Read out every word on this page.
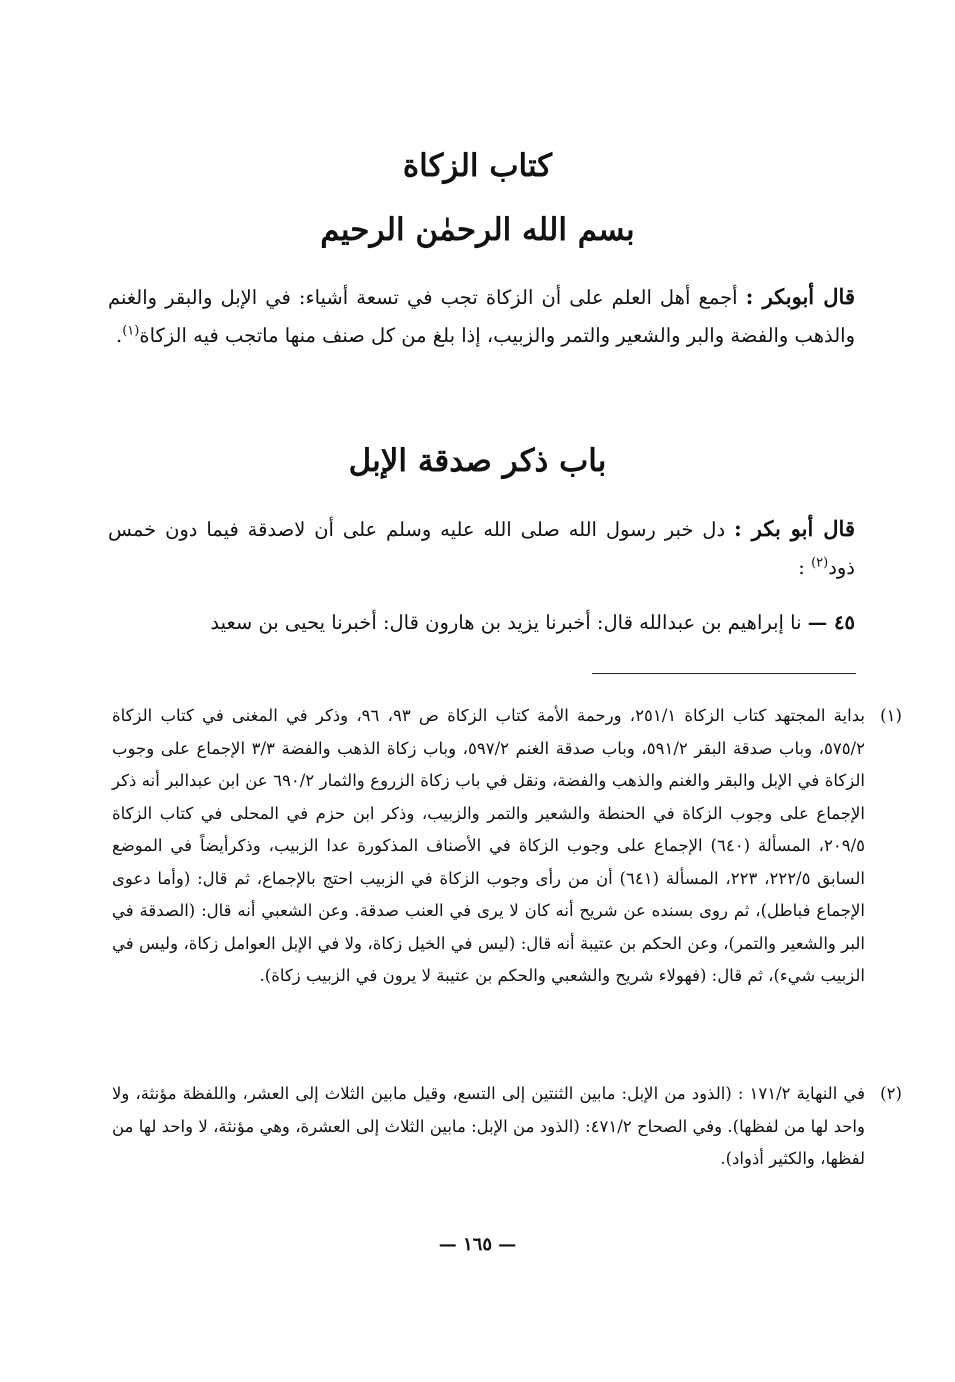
كتاب الزكاة
بسم الله الرحمٰن الرحيم

قال أبوبكر : أجمع أهل العلم على أن الزكاة تجب في تسعة أشياء: في الإبل والبقر والغنم والذهب والفضة والبر والشعير والتمر والزبيب، إذا بلغ من كل صنف منها ماتجب فيه الزكاة$^{(١)}$.

باب ذكر صدقة الإبل

قال أبو بكر : دل خبر رسول الله صلى الله عليه وسلم على أن لاصدقة فيما دون خمس ذود$^{(٢)}$ :

٤٥ — نا إبراهيم بن عبدالله قال: أخبرنا يزيد بن هارون قال: أخبرنا يحيى بن سعيد

(١)
بداية المجتهد كتاب الزكاة ٢٥١/١، ورحمة الأمة كتاب الزكاة ص ٩٣، ٩٦، وذكر في المغنى في كتاب الزكاة ٥٧٥/٢، وباب صدقة البقر ٥٩١/٢، وباب صدقة الغنم ٥٩٧/٢، وباب زكاة الذهب والفضة ٣/٣ الإجماع على وجوب الزكاة في الإبل والبقر والغنم والذهب والفضة، ونقل في باب زكاة الزروع والثمار ٦٩٠/٢ عن ابن عبدالبر أنه ذكر الإجماع على وجوب الزكاة في الحنطة والشعير والتمر والزبيب، وذكر ابن حزم في المحلى في كتاب الزكاة ٢٠٩/٥، المسألة (٦٤٠) الإجماع على وجوب الزكاة في الأصناف المذكورة عدا الزبيب، وذكرأيضاً في الموضع السابق ٢٢٢/٥، ٢٢٣، المسألة (٦٤١) أن من رأى وجوب الزكاة في الزبيب احتج بالإجماع، ثم قال: (وأما دعوى الإجماع فباطل)، ثم روى بسنده عن شريح أنه كان لا يرى في العنب صدقة. وعن الشعبي أنه قال: (الصدقة في البر والشعير والتمر)، وعن الحكم بن عتيبة أنه قال: (ليس في الخيل زكاة، ولا في الإبل العوامل زكاة، وليس في الزبيب شيء)، ثم قال: (فهولاء شريح والشعبي والحكم بن عتيبة لا يرون في الزبيب زكاة).
(٢)
في النهاية ١٧١/٢ : (الذود من الإبل: مابين الثنتين إلى التسع، وقيل مابين الثلاث إلى العشر، واللفظة مؤنثة، ولا واحد لها من لفظها). وفي الصحاح ٤٧١/٢: (الذود من الإبل: مابين الثلاث إلى العشرة، وهي مؤنثة، لا واحد لها من لفظها، والكثير أذواد).

— ١٦٥ —
